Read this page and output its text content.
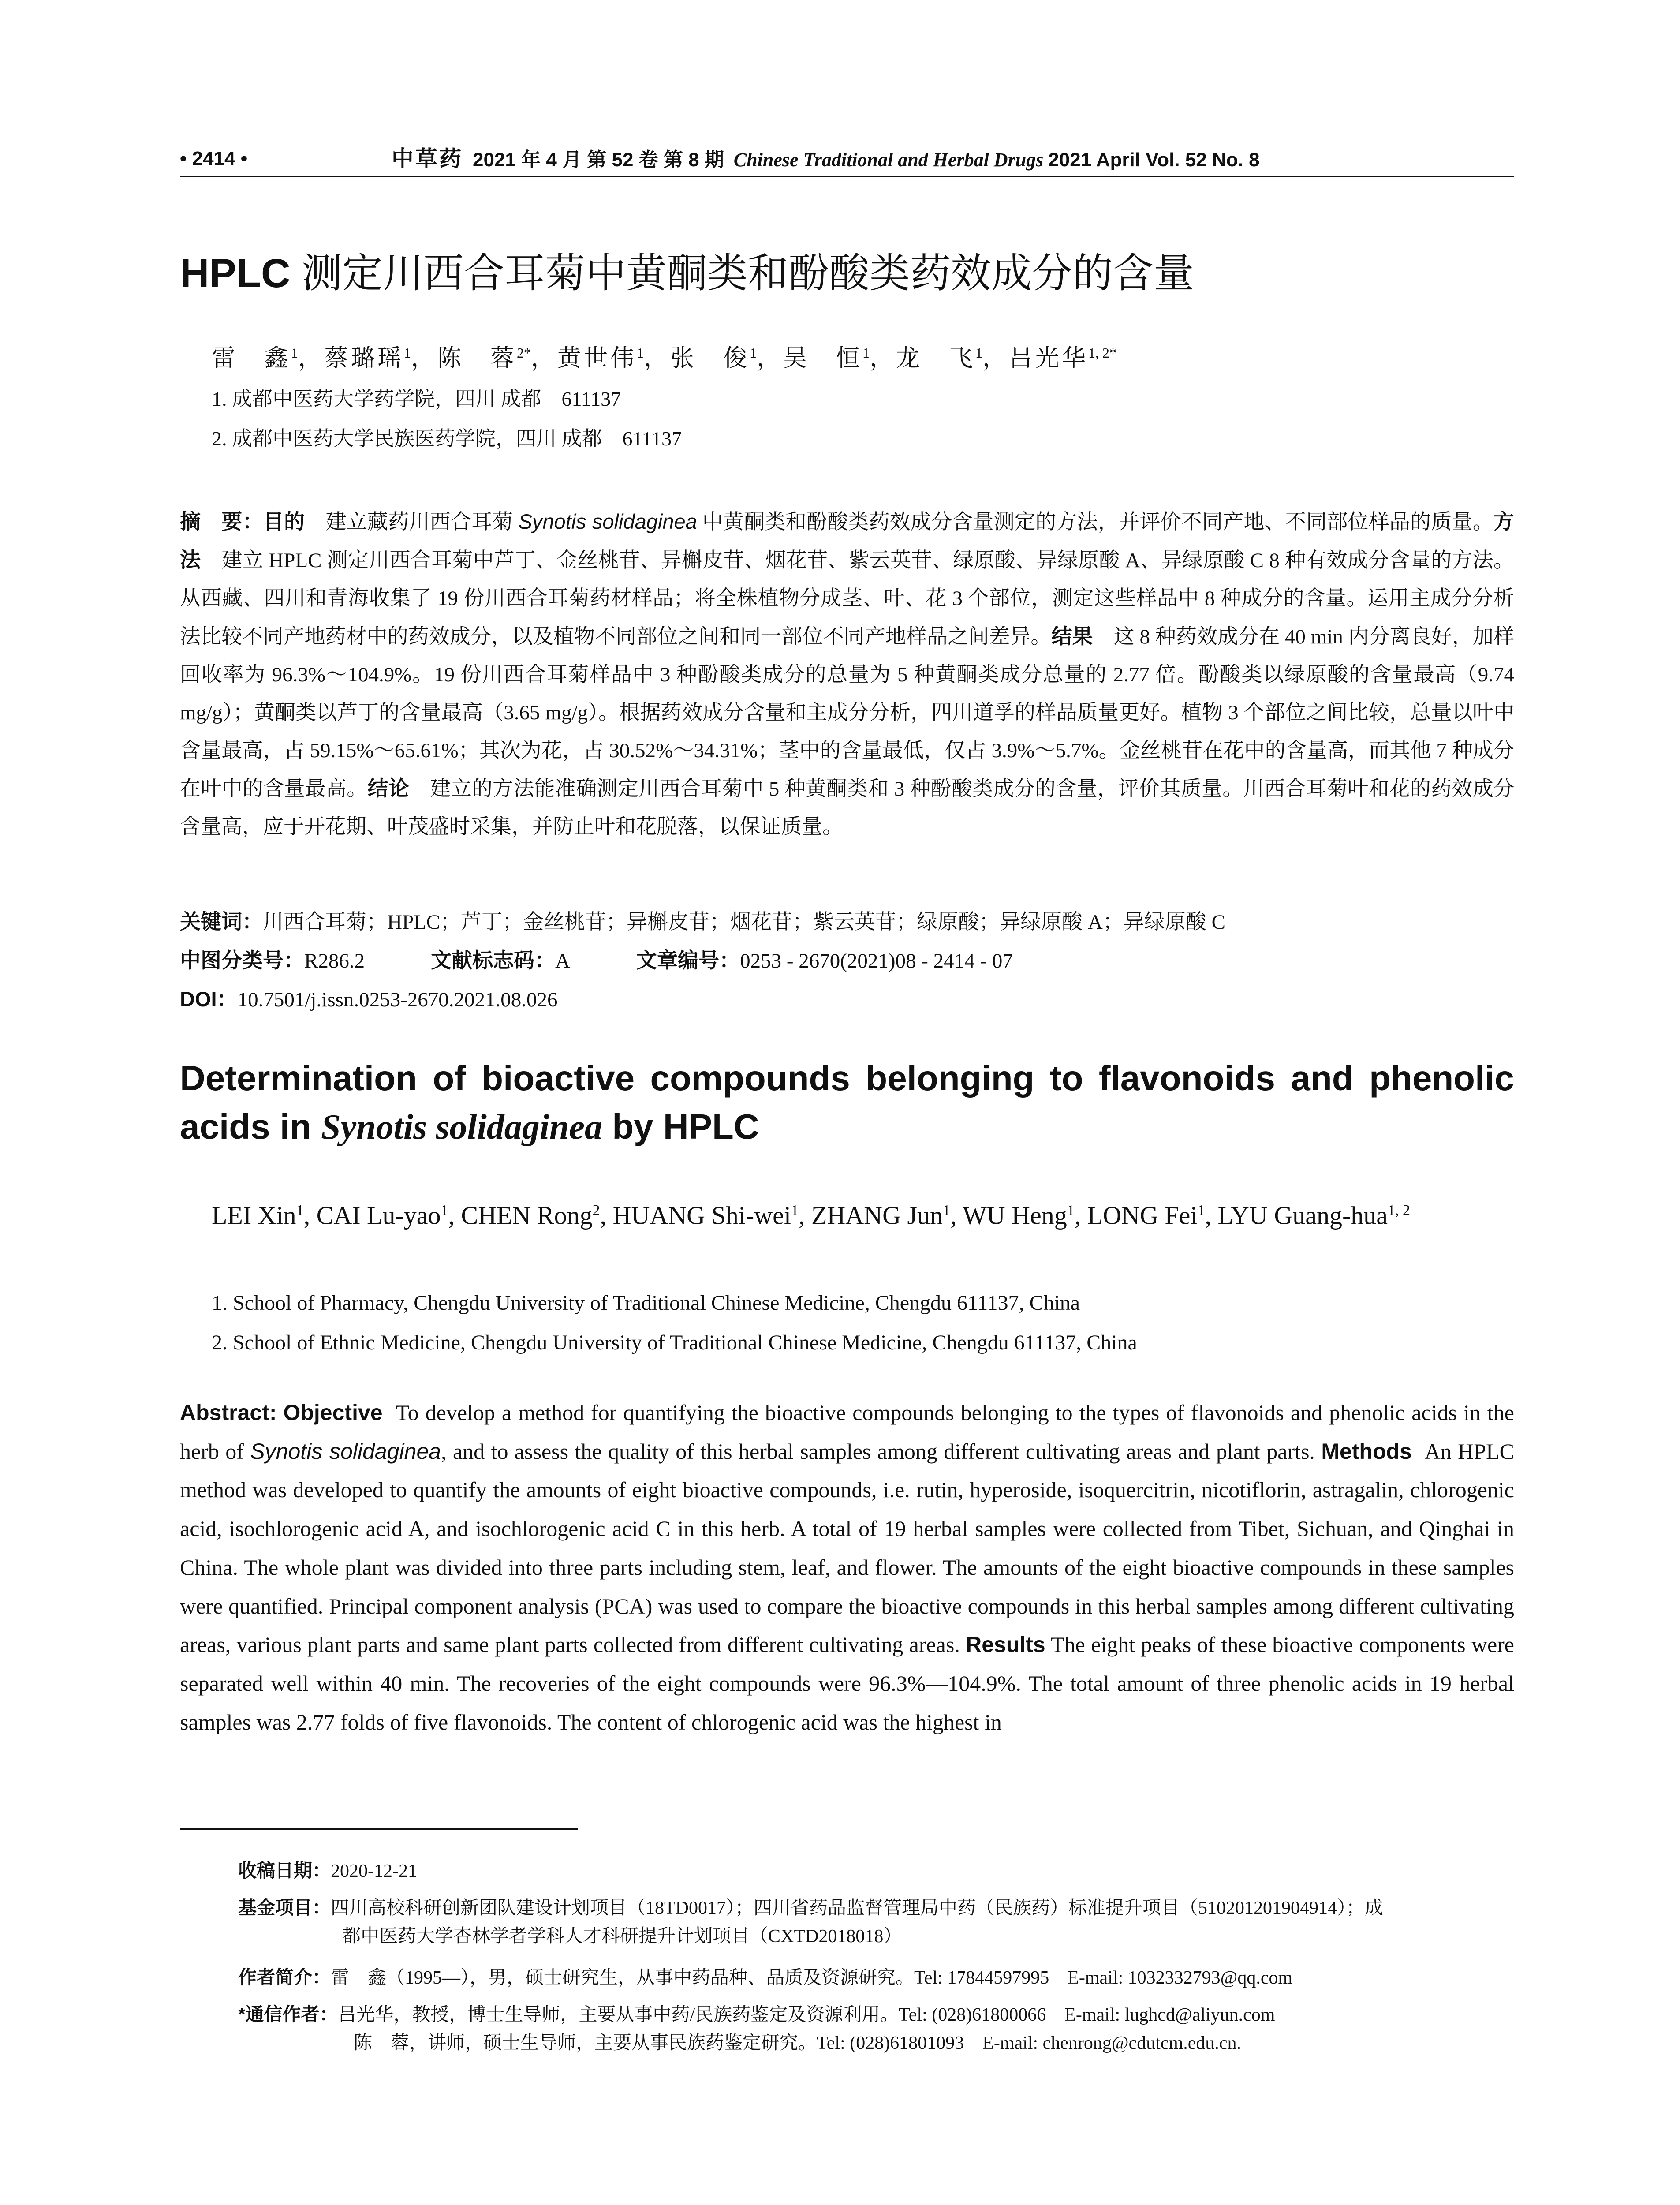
• 2414 •	中草药 2021 年 4 月 第 52 卷 第 8 期 Chinese Traditional and Herbal Drugs 2021 April Vol. 52 No. 8
HPLC 测定川西合耳菊中黄酮类和酚酸类药效成分的含量
雷　鑫$^1$，蔡璐瑶$^1$，陈　蓉$^{2*}$，黄世伟$^1$，张　俊$^1$，吴　恒$^1$，龙　飞$^1$，吕光华$^{1, 2*}$
1. 成都中医药大学药学院，四川 成都　611137
2. 成都中医药大学民族医药学院，四川 成都　611137
摘　要：目的　 建立藏药川西合耳菊 Synotis solidaginea 中黄酮类和酚酸类药效成分含量测定的方法，并评价不同产地、不同部位样品的质量。方法　 建立 HPLC 测定川西合耳菊中芦丁、金丝桃苷、异槲皮苷、烟花苷、紫云英苷、绿原酸、异绿原酸 A、异绿原酸 C 8 种有效成分含量的方法。从西藏、四川和青海收集了 19 份川西合耳菊药材样品；将全株植物分成茎、叶、花 3 个部位，测定这些样品中 8 种成分的含量。运用主成分分析法比较不同产地药材中的药效成分，以及植物不同部位之间和同一部位不同产地样品之间差异。结果　 这 8 种药效成分在 40 min 内分离良好，加样回收率为 96.3%～104.9%。19 份川西合耳菊样品中 3 种酚酸类成分的总量为 5 种黄酮类成分总量的 2.77 倍。酚酸类以绿原酸的含量最高（9.74 mg/g）；黄酮类以芦丁的含量最高（3.65 mg/g）。根据药效成分含量和主成分分析，四川道孚的样品质量更好。植物 3 个部位之间比较，总量以叶中含量最高，占 59.15%～65.61%；其次为花，占 30.52%～34.31%；茎中的含量最低，仅占 3.9%～5.7%。金丝桃苷在花中的含量高，而其他 7 种成分在叶中的含量最高。结论　 建立的方法能准确测定川西合耳菊中 5 种黄酮类和 3 种酚酸类成分的含量，评价其质量。川西合耳菊叶和花的药效成分含量高，应于开花期、叶茂盛时采集，并防止叶和花脱落，以保证质量。
关键词：川西合耳菊；HPLC；芦丁；金丝桃苷；异槲皮苷；烟花苷；紫云英苷；绿原酸；异绿原酸 A；异绿原酸 C
中图分类号：R286.2	文献标志码：A	文章编号：0253 - 2670(2021)08 - 2414 - 07
DOI：10.7501/j.issn.0253-2670.2021.08.026
Determination of bioactive compounds belonging to flavonoids and phenolic acids in Synotis solidaginea by HPLC
LEI Xin$^1$, CAI Lu-yao$^1$, CHEN Rong$^2$, HUANG Shi-wei$^1$, ZHANG Jun$^1$, WU Heng$^1$, LONG Fei$^1$, LYU Guang-hua$^{1, 2}$
1. School of Pharmacy, Chengdu University of Traditional Chinese Medicine, Chengdu 611137, China
2. School of Ethnic Medicine, Chengdu University of Traditional Chinese Medicine, Chengdu 611137, China
Abstract: Objective To develop a method for quantifying the bioactive compounds belonging to the types of flavonoids and phenolic acids in the herb of Synotis solidaginea, and to assess the quality of this herbal samples among different cultivating areas and plant parts. Methods An HPLC method was developed to quantify the amounts of eight bioactive compounds, i.e. rutin, hyperoside, isoquercitrin, nicotiflorin, astragalin, chlorogenic acid, isochlorogenic acid A, and isochlorogenic acid C in this herb. A total of 19 herbal samples were collected from Tibet, Sichuan, and Qinghai in China. The whole plant was divided into three parts including stem, leaf, and flower. The amounts of the eight bioactive compounds in these samples were quantified. Principal component analysis (PCA) was used to compare the bioactive compounds in this herbal samples among different cultivating areas, various plant parts and same plant parts collected from different cultivating areas. Results The eight peaks of these bioactive components were separated well within 40 min. The recoveries of the eight compounds were 96.3%—104.9%. The total amount of three phenolic acids in 19 herbal samples was 2.77 folds of five flavonoids. The content of chlorogenic acid was the highest in
收稿日期：2020-12-21
基金项目：四川高校科研创新团队建设计划项目（18TD0017）；四川省药品监督管理局中药（民族药）标准提升项目（510201201904914）；成
都中医药大学杏林学者学科人才科研提升计划项目（CXTD2018018）
作者简介：雷　鑫（1995—），男，硕士研究生，从事中药品种、品质及资源研究。Tel: 17844597995　E-mail: 1032332793@qq.com
*通信作者：吕光华，教授，博士生导师，主要从事中药/民族药鉴定及资源利用。Tel: (028)61800066　E-mail: lughcd@aliyun.com
陈　蓉，讲师，硕士生导师，主要从事民族药鉴定研究。Tel: (028)61801093　E-mail: chenrong@cdutcm.edu.cn.
